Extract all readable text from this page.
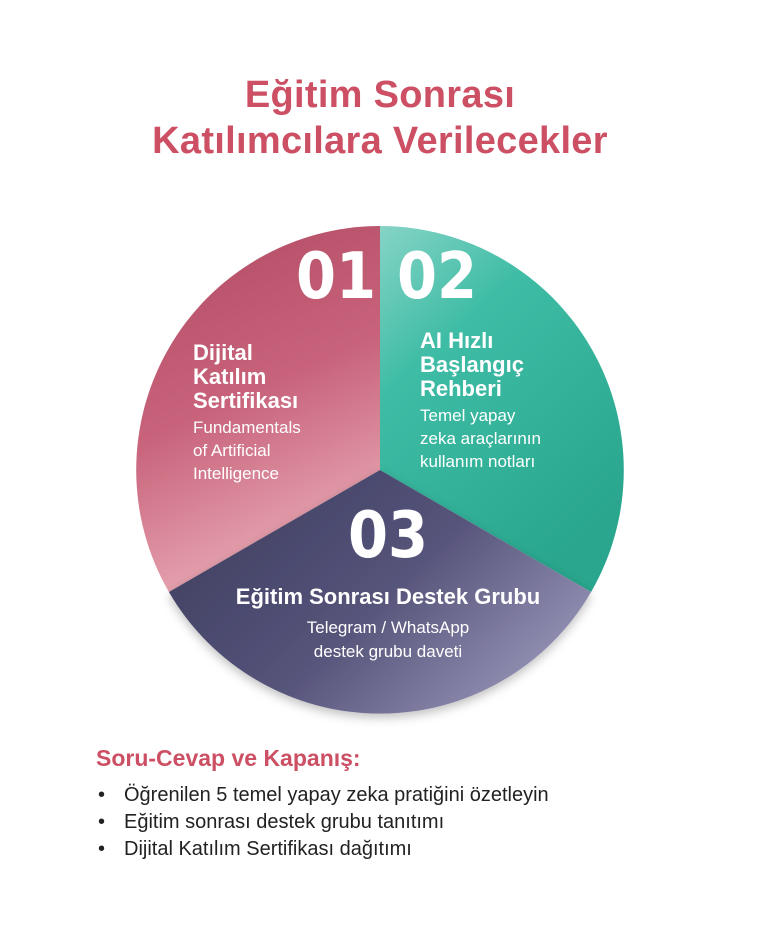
Eğitim Sonrası
Katılımcılara Verilecekler
01
Dijital
Katılım
Sertifikası
Fundamentals
of Artificial
Intelligence
02
AI Hızlı
Başlangıç
Rehberi
Temel yapay
zeka araçlarının
kullanım notları
03
Eğitim Sonrası Destek Grubu
Telegram / WhatsApp
destek grubu daveti
Soru-Cevap ve Kapanış:
• Öğrenilen 5 temel yapay zeka pratiğini özetleyin
• Eğitim sonrası destek grubu tanıtımı
• Dijital Katılım Sertifikası dağıtımı
